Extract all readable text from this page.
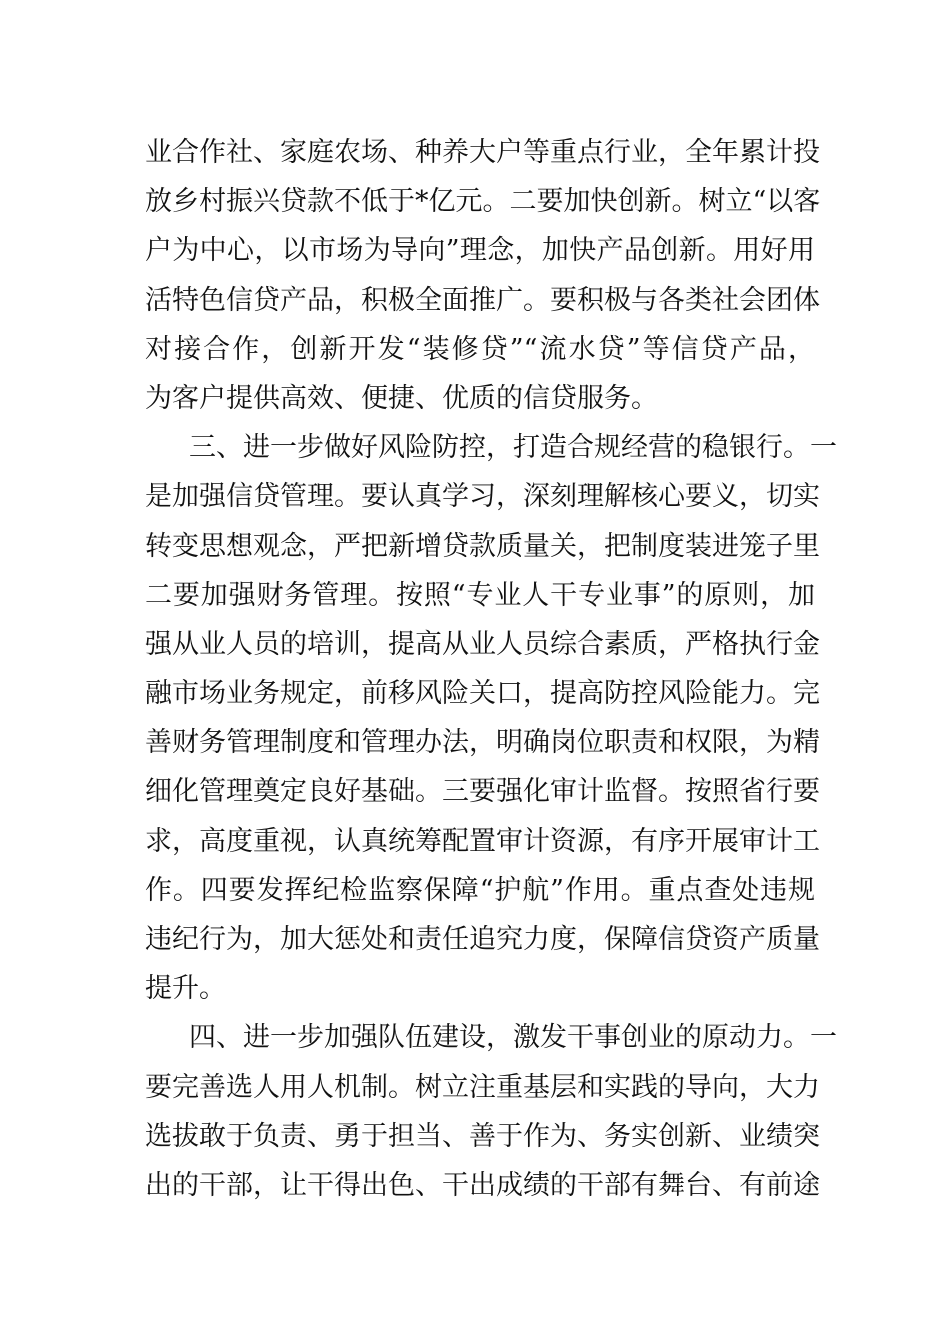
业合作社、家庭农场、种养大户等重点行业，全年累计投
放乡村振兴贷款不低于*亿元。二要加快创新。树立“以客
户为中心，以市场为导向”理念，加快产品创新。用好用
活特色信贷产品，积极全面推广。要积极与各类社会团体
对接合作，创新开发“装修贷”“流水贷”等信贷产品，
为客户提供高效、便捷、优质的信贷服务。
三、进一步做好风险防控，打造合规经营的稳银行。一
是加强信贷管理。要认真学习，深刻理解核心要义，切实
转变思想观念，严把新增贷款质量关，把制度装进笼子里
二要加强财务管理。按照“专业人干专业事”的原则，加
强从业人员的培训，提高从业人员综合素质，严格执行金
融市场业务规定，前移风险关口，提高防控风险能力。完
善财务管理制度和管理办法，明确岗位职责和权限，为精
细化管理奠定良好基础。三要强化审计监督。按照省行要
求，高度重视，认真统筹配置审计资源，有序开展审计工
作。四要发挥纪检监察保障“护航”作用。重点查处违规
违纪行为，加大惩处和责任追究力度，保障信贷资产质量
提升。
四、进一步加强队伍建设，激发干事创业的原动力。一
要完善选人用人机制。树立注重基层和实践的导向，大力
选拔敢于负责、勇于担当、善于作为、务实创新、业绩突
出的干部，让干得出色、干出成绩的干部有舞台、有前途
